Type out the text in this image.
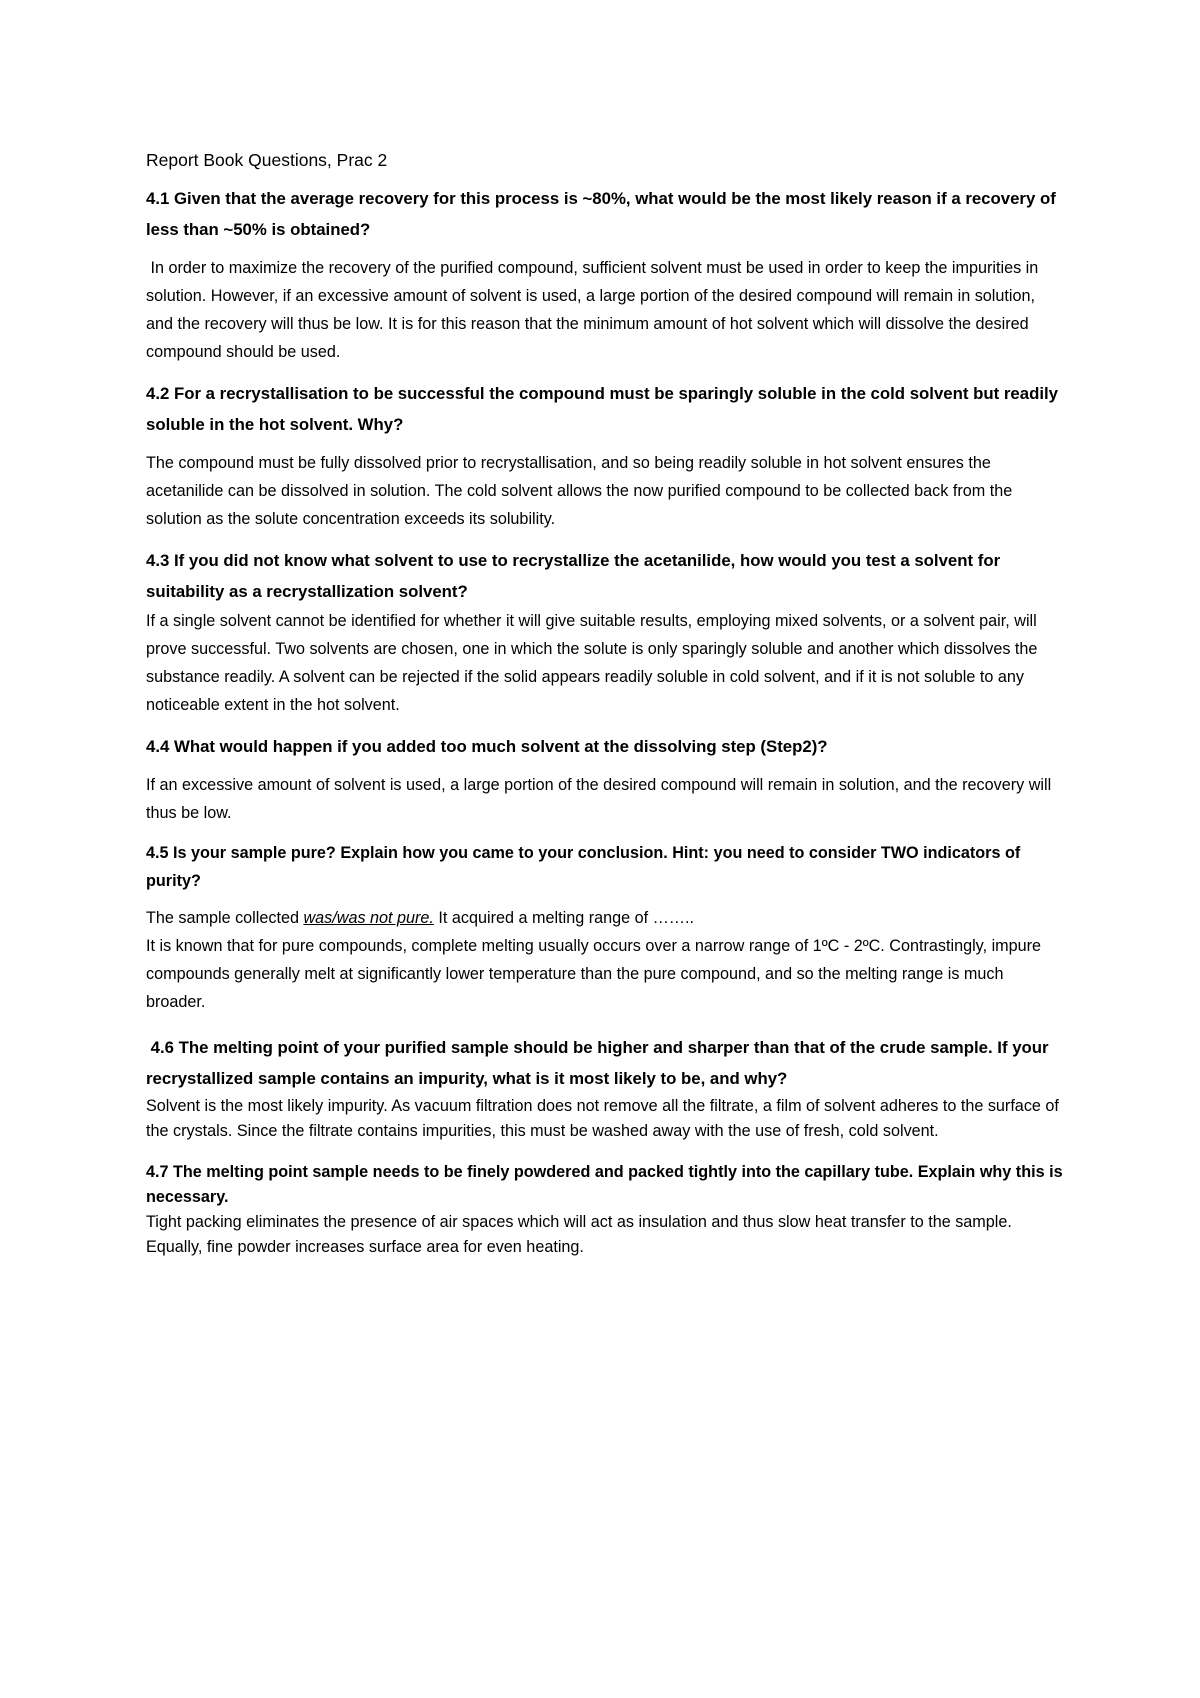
Report Book Questions, Prac 2

4.1 Given that the average recovery for this process is ~80%, what would be the most likely reason if a recovery of less than ~50% is obtained?

In order to maximize the recovery of the purified compound, sufficient solvent must be used in order to keep the impurities in solution. However, if an excessive amount of solvent is used, a large portion of the desired compound will remain in solution, and the recovery will thus be low. It is for this reason that the minimum amount of hot solvent which will dissolve the desired compound should be used.

4.2 For a recrystallisation to be successful the compound must be sparingly soluble in the cold solvent but readily soluble in the hot solvent. Why?

The compound must be fully dissolved prior to recrystallisation, and so being readily soluble in hot solvent ensures the acetanilide can be dissolved in solution. The cold solvent allows the now purified compound to be collected back from the solution as the solute concentration exceeds its solubility.

4.3 If you did not know what solvent to use to recrystallize the acetanilide, how would you test a solvent for suitability as a recrystallization solvent?

If a single solvent cannot be identified for whether it will give suitable results, employing mixed solvents, or a solvent pair, will prove successful. Two solvents are chosen, one in which the solute is only sparingly soluble and another which dissolves the substance readily. A solvent can be rejected if the solid appears readily soluble in cold solvent, and if it is not soluble to any noticeable extent in the hot solvent.

4.4 What would happen if you added too much solvent at the dissolving step (Step2)?

If an excessive amount of solvent is used, a large portion of the desired compound will remain in solution, and the recovery will thus be low.

4.5 Is your sample pure? Explain how you came to your conclusion. Hint: you need to consider TWO indicators of purity?

The sample collected was/was not pure. It acquired a melting range of ……..
It is known that for pure compounds, complete melting usually occurs over a narrow range of 1ºC - 2ºC. Contrastingly, impure compounds generally melt at significantly lower temperature than the pure compound, and so the melting range is much broader.

4.6 The melting point of your purified sample should be higher and sharper than that of the crude sample. If your recrystallized sample contains an impurity, what is it most likely to be, and why?

Solvent is the most likely impurity. As vacuum filtration does not remove all the filtrate, a film of solvent adheres to the surface of the crystals. Since the filtrate contains impurities, this must be washed away with the use of fresh, cold solvent.

4.7 The melting point sample needs to be finely powdered and packed tightly into the capillary tube. Explain why this is necessary.

Tight packing eliminates the presence of air spaces which will act as insulation and thus slow heat transfer to the sample. Equally, fine powder increases surface area for even heating.
